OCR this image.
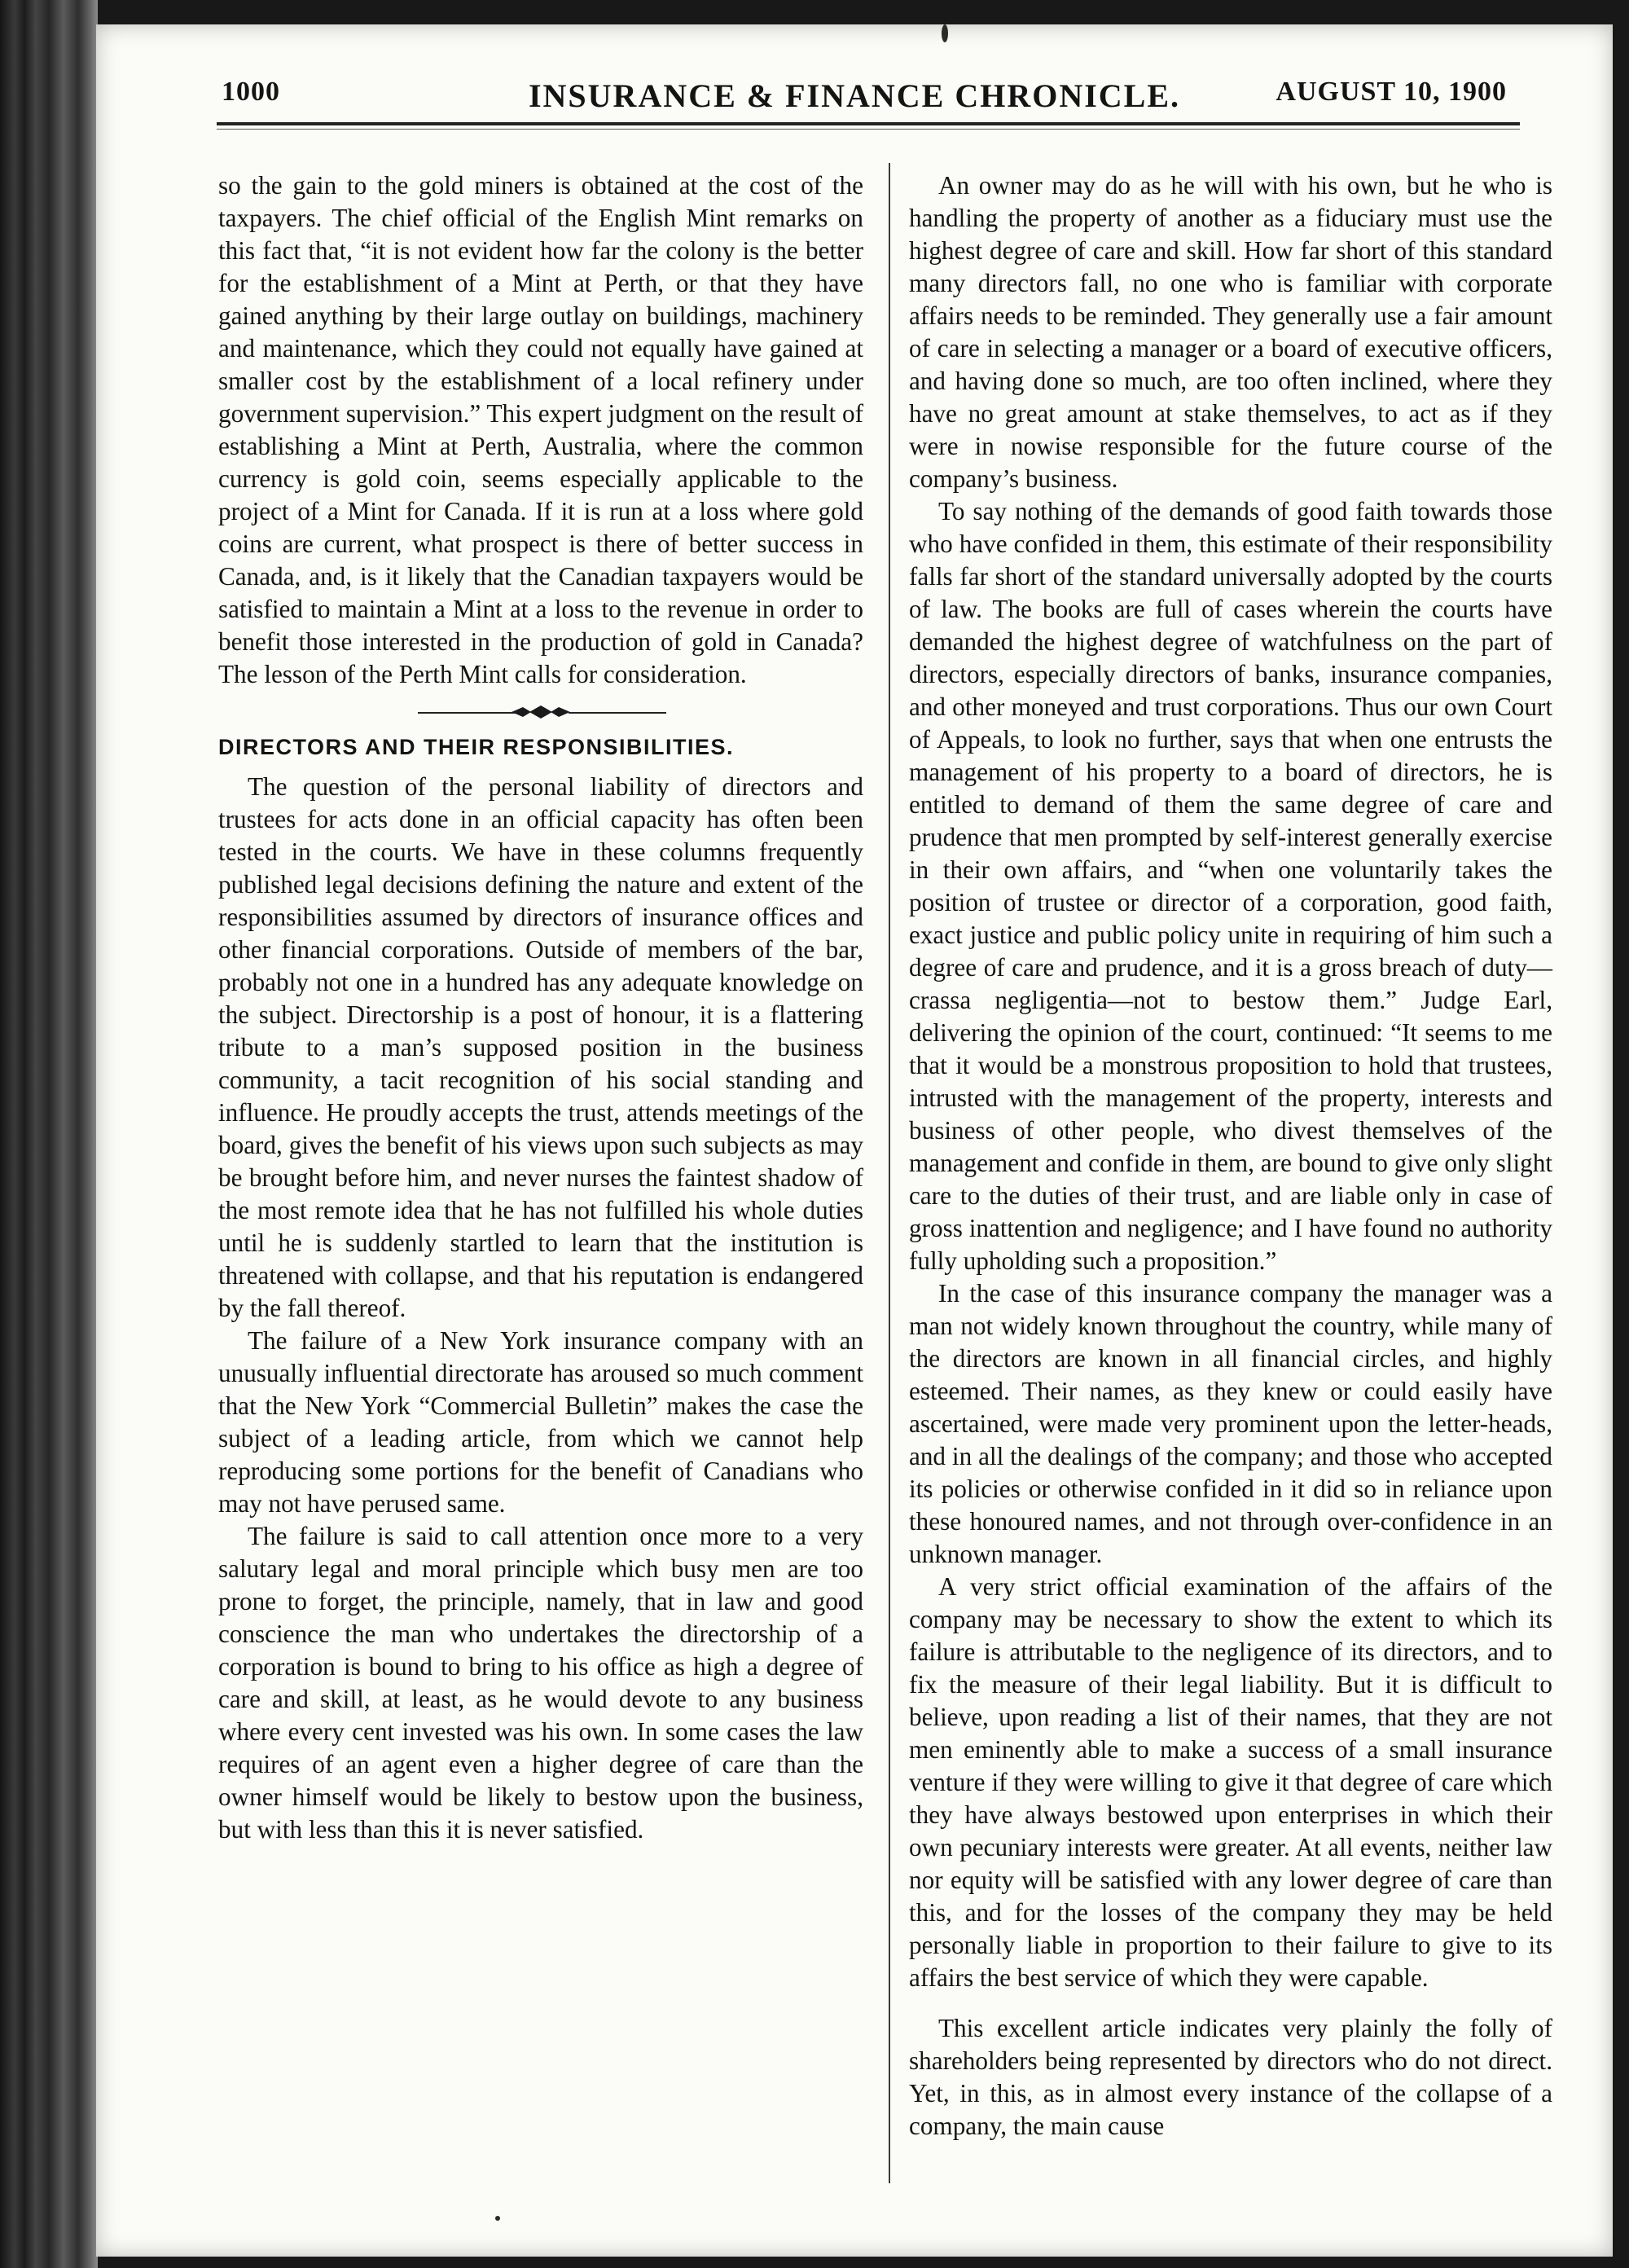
1000	INSURANCE & FINANCE CHRONICLE.	AUGUST 10, 1900

so the gain to the gold miners is obtained at the cost of the taxpayers. The chief official of the English Mint remarks on this fact that, “it is not evident how far the colony is the better for the establishment of a Mint at Perth, or that they have gained anything by their large outlay on buildings, machinery and maintenance, which they could not equally have gained at smaller cost by the establishment of a local refinery under government supervision.” This expert judgment on the result of establishing a Mint at Perth, Australia, where the common currency is gold coin, seems especially applicable to the project of a Mint for Canada. If it is run at a loss where gold coins are current, what prospect is there of better success in Canada, and, is it likely that the Canadian taxpayers would be satisfied to maintain a Mint at a loss to the revenue in order to benefit those interested in the production of gold in Canada? The lesson of the Perth Mint calls for consideration.

DIRECTORS AND THEIR RESPONSIBILITIES.

The question of the personal liability of directors and trustees for acts done in an official capacity has often been tested in the courts. We have in these columns frequently published legal decisions defining the nature and extent of the responsibilities assumed by directors of insurance offices and other financial corporations. Outside of members of the bar, probably not one in a hundred has any adequate knowledge on the subject. Directorship is a post of honour, it is a flattering tribute to a man’s supposed position in the business community, a tacit recognition of his social standing and influence. He proudly accepts the trust, attends meetings of the board, gives the benefit of his views upon such subjects as may be brought before him, and never nurses the faintest shadow of the most remote idea that he has not fulfilled his whole duties until he is suddenly startled to learn that the institution is threatened with collapse, and that his reputation is endangered by the fall thereof.

The failure of a New York insurance company with an unusually influential directorate has aroused so much comment that the New York “Commercial Bulletin” makes the case the subject of a leading article, from which we cannot help reproducing some portions for the benefit of Canadians who may not have perused same.

The failure is said to call attention once more to a very salutary legal and moral principle which busy men are too prone to forget, the principle, namely, that in law and good conscience the man who undertakes the directorship of a corporation is bound to bring to his office as high a degree of care and skill, at least, as he would devote to any business where every cent invested was his own. In some cases the law requires of an agent even a higher degree of care than the owner himself would be likely to bestow upon the business, but with less than this it is never satisfied.

An owner may do as he will with his own, but he who is handling the property of another as a fiduciary must use the highest degree of care and skill. How far short of this standard many directors fall, no one who is familiar with corporate affairs needs to be reminded. They generally use a fair amount of care in selecting a manager or a board of executive officers, and having done so much, are too often inclined, where they have no great amount at stake themselves, to act as if they were in nowise responsible for the future course of the company’s business.

To say nothing of the demands of good faith towards those who have confided in them, this estimate of their responsibility falls far short of the standard universally adopted by the courts of law. The books are full of cases wherein the courts have demanded the highest degree of watchfulness on the part of directors, especially directors of banks, insurance companies, and other moneyed and trust corporations. Thus our own Court of Appeals, to look no further, says that when one entrusts the management of his property to a board of directors, he is entitled to demand of them the same degree of care and prudence that men prompted by self-interest generally exercise in their own affairs, and “when one voluntarily takes the position of trustee or director of a corporation, good faith, exact justice and public policy unite in requiring of him such a degree of care and prudence, and it is a gross breach of duty—crassa negligentia—not to bestow them.” Judge Earl, delivering the opinion of the court, continued: “It seems to me that it would be a monstrous proposition to hold that trustees, intrusted with the management of the property, interests and business of other people, who divest themselves of the management and confide in them, are bound to give only slight care to the duties of their trust, and are liable only in case of gross inattention and negligence; and I have found no authority fully upholding such a proposition.”

In the case of this insurance company the manager was a man not widely known throughout the country, while many of the directors are known in all financial circles, and highly esteemed. Their names, as they knew or could easily have ascertained, were made very prominent upon the letter-heads, and in all the dealings of the company; and those who accepted its policies or otherwise confided in it did so in reliance upon these honoured names, and not through over-confidence in an unknown manager.

A very strict official examination of the affairs of the company may be necessary to show the extent to which its failure is attributable to the negligence of its directors, and to fix the measure of their legal liability. But it is difficult to believe, upon reading a list of their names, that they are not men eminently able to make a success of a small insurance venture if they were willing to give it that degree of care which they have always bestowed upon enterprises in which their own pecuniary interests were greater. At all events, neither law nor equity will be satisfied with any lower degree of care than this, and for the losses of the company they may be held personally liable in proportion to their failure to give to its affairs the best service of which they were capable.

This excellent article indicates very plainly the folly of shareholders being represented by directors who do not direct. Yet, in this, as in almost every instance of the collapse of a company, the main cause
